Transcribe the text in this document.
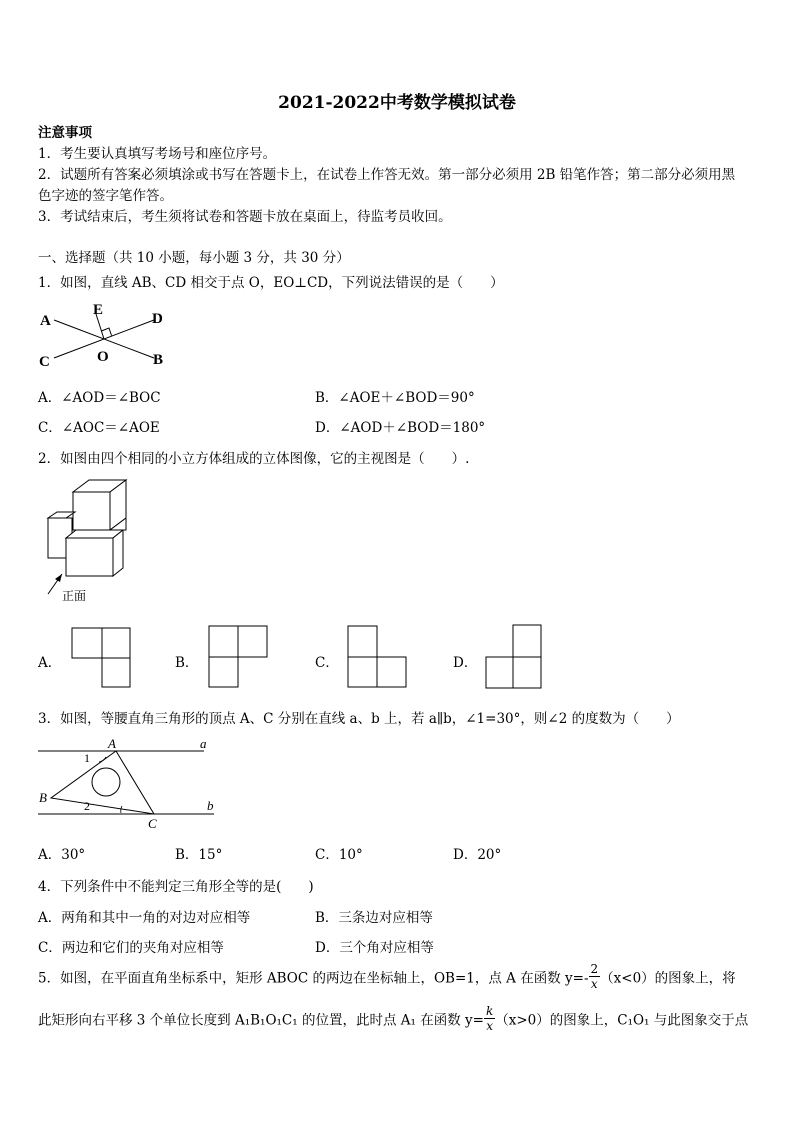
2021-2022中考数学模拟试卷
注意事项
1．考生要认真填写考场号和座位序号。
2．试题所有答案必须填涂或书写在答题卡上，在试卷上作答无效。第一部分必须用 2B 铅笔作答；第二部分必须用黑
色字迹的签字笔作答。
3．考试结束后，考生须将试卷和答题卡放在桌面上，待监考员收回。
一、选择题（共 10 小题，每小题 3 分，共 30 分）
1．如图，直线 AB、CD 相交于点 O，EO⊥CD，下列说法错误的是（　　）
A
E
D
C	O	B
A．∠AOD＝∠BOC	B．∠AOE＋∠BOD＝90°
C．∠AOC＝∠AOE	D．∠AOD＋∠BOD＝180°
2．如图由四个相同的小立方体组成的立体图像，它的主视图是（　　）.
正面
A．	B．	C．	D．
3．如图，等腰直角三角形的顶点 A、C 分别在直线 a、b 上，若 a∥b，∠1=30°，则∠2 的度数为（　　）
A	a
1
B
2	b
C
A．30°	B．15°	C．10°	D．20°
4．下列条件中不能判定三角形全等的是(　　)
A．两角和其中一角的对边对应相等	B．三条边对应相等
C．两边和它们的夹角对应相等	D．三个角对应相等
5．如图，在平面直角坐标系中，矩形 ABOC 的两边在坐标轴上，OB=1，点 A 在函数 $y=- \frac{2}{x} (x<0)$的图象上，将
此矩形向右平移 3 个单位长度到 A₁B₁O₁C₁ 的位置，此时点 A₁ 在函数 $y= \frac{k}{x} (x>0)$的图象上，C₁O₁ 与此图象交于点
